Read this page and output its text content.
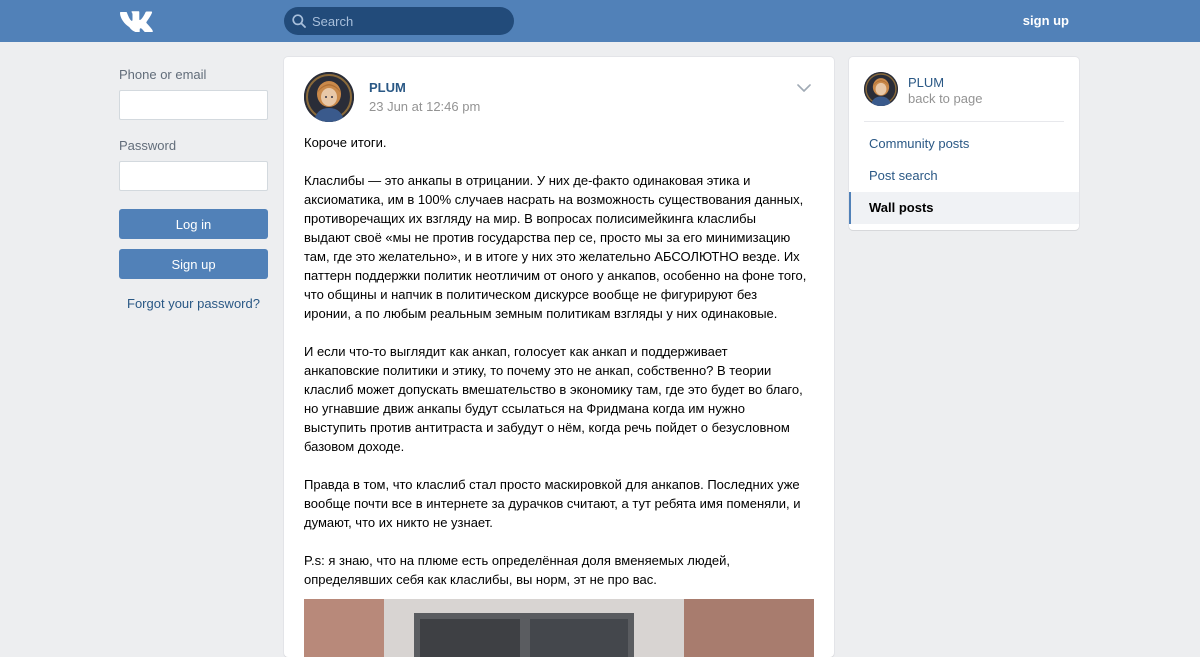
Search
sign up
Phone or email
Password
Log in
Sign up
Forgot your password?
PLUM
23 Jun at 12:46 pm

Короче итоги.

Класлибы — это анкапы в отрицании. У них де-факто одинаковая этика и
аксиоматика, им в 100% случаев насрать на возможность существования данных,
противоречащих их взгляду на мир. В вопросах полисимейкинга класлибы
выдают своё «мы не против государства пер се, просто мы за его минимизацию
там, где это желательно», и в итоге у них это желательно АБСОЛЮТНО везде. Их
паттерн поддержки политик неотличим от оного у анкапов, особенно на фоне того,
что общины и напчик в политическом дискурсе вообще не фигурируют без
иронии, а по любым реальным земным политикам взгляды у них одинаковые.

И если что-то выглядит как анкап, голосует как анкап и поддерживает
анкаповские политики и этику, то почему это не анкап, собственно? В теории
класлиб может допускать вмешательство в экономику там, где это будет во благо,
но угнавшие движ анкапы будут ссылаться на Фридмана когда им нужно
выступить против антитраста и забудут о нём, когда речь пойдет о безусловном
базовом доходе.

Правда в том, что класлиб стал просто маскировкой для анкапов. Последних уже
вообще почти все в интернете за дурачков считают, а тут ребята имя поменяли, и
думают, что их никто не узнает.

P.s: я знаю, что на плюме есть определённая доля вменяемых людей,
определявших себя как класлибы, вы норм, эт не про вас.

PLUM
back to page
Community posts
Post search
Wall posts
